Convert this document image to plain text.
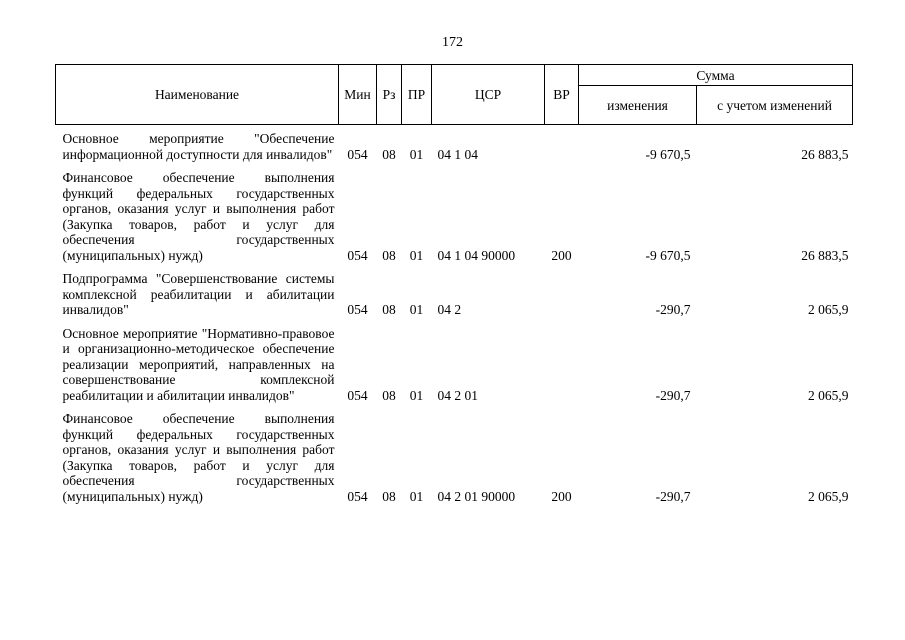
172
Наименование	Мин	Рз	ПР	ЦСР	ВР	Сумма	
						изменения	с учетом изменений
Основное мероприятие "Обеспечение информационной доступности для инвалидов"	054	08	01	04 1 04		-9 670,5	26 883,5
Финансовое обеспечение выполнения функций федеральных государственных органов, оказания услуг и выполнения работ (Закупка товаров, работ и услуг для обеспечения государственных (муниципальных) нужд)	054	08	01	04 1 04 90000	200	-9 670,5	26 883,5
Подпрограмма "Совершенствование системы комплексной реабилитации и абилитации инвалидов"	054	08	01	04 2		-290,7	2 065,9
Основное мероприятие "Нормативно-правовое и организационно-методическое обеспечение реализации мероприятий, направленных на совершенствование комплексной реабилитации и абилитации инвалидов"	054	08	01	04 2 01		-290,7	2 065,9
Финансовое обеспечение выполнения функций федеральных государственных органов, оказания услуг и выполнения работ (Закупка товаров, работ и услуг для обеспечения государственных (муниципальных) нужд)	054	08	01	04 2 01 90000	200	-290,7	2 065,9
